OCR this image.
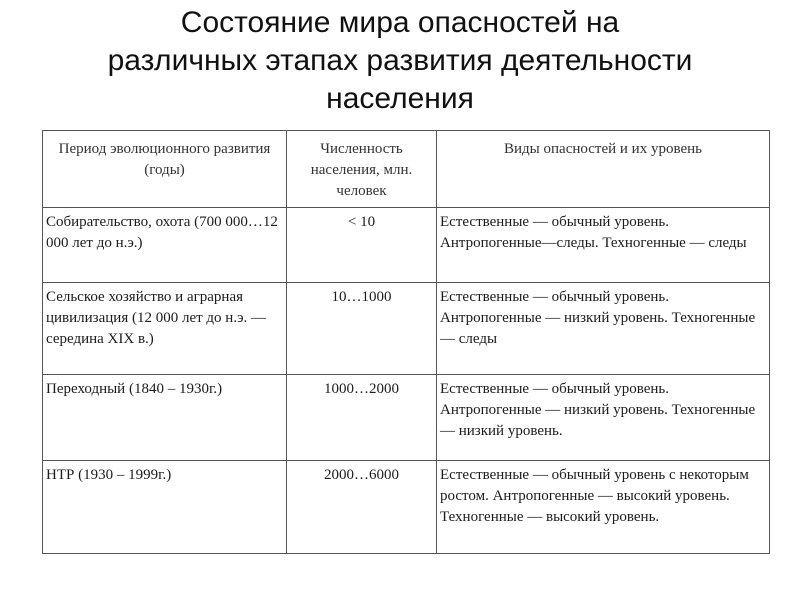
Состояние мира опасностей на
различных этапах развития деятельности
населения
Период эволюционного развития (годы)	Численность населения, млн. человек	Виды опасностей и их уровень
Собирательство, охота (700 000…12 000 лет до н.э.)	< 10	Естественные — обычный уровень. Антропогенные—следы. Техногенные — следы
Сельское хозяйство и аграрная цивилизация (12 000 лет до н.э. — середина XIX в.)	10…1000	Естественные — обычный уровень. Антропогенные — низкий уровень. Техногенные — следы
Переходный (1840 – 1930г.)	1000…2000	Естественные — обычный уровень. Антропогенные — низкий уровень. Техногенные — низкий уровень.
НТР (1930 – 1999г.)	2000…6000	Естественные — обычный уровень с некоторым ростом. Антропогенные — высокий уровень. Техногенные — высокий уровень.
